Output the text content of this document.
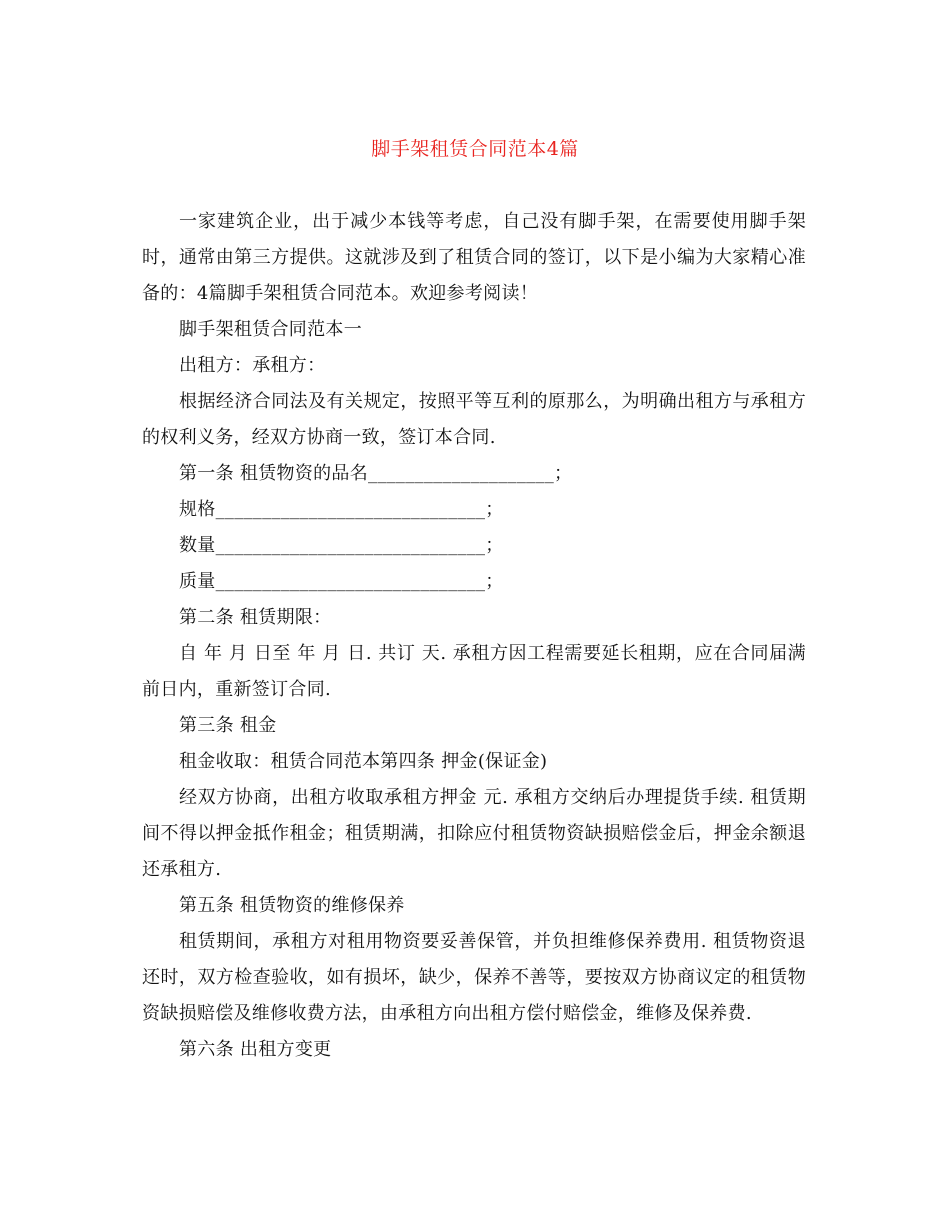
脚手架租赁合同范本4篇

一家建筑企业，出于减少本钱等考虑，自己没有脚手架，在需要使用脚手架时，通常由第三方提供。这就涉及到了租赁合同的签订，以下是小编为大家精心准备的：4篇脚手架租赁合同范本。欢迎参考阅读！

脚手架租赁合同范本一

出租方：承租方：

根据经济合同法及有关规定，按照平等互利的原那么，为明确出租方与承租方的权利义务，经双方协商一致，签订本合同.

第一条 租赁物资的品名____________________；

规格_____________________________；

数量_____________________________；

质量_____________________________；

第二条 租赁期限：

自 年 月 日至 年 月 日. 共订 天. 承租方因工程需要延长租期，应在合同届满前日内，重新签订合同.

第三条 租金

租金收取：租赁合同范本第四条 押金(保证金)

经双方协商，出租方收取承租方押金 元. 承租方交纳后办理提货手续. 租赁期间不得以押金抵作租金；租赁期满，扣除应付租赁物资缺损赔偿金后，押金余额退还承租方.

第五条 租赁物资的维修保养

租赁期间，承租方对租用物资要妥善保管，并负担维修保养费用. 租赁物资退还时，双方检查验收，如有损坏，缺少，保养不善等，要按双方协商议定的租赁物资缺损赔偿及维修收费方法，由承租方向出租方偿付赔偿金，维修及保养费.

第六条 出租方变更
